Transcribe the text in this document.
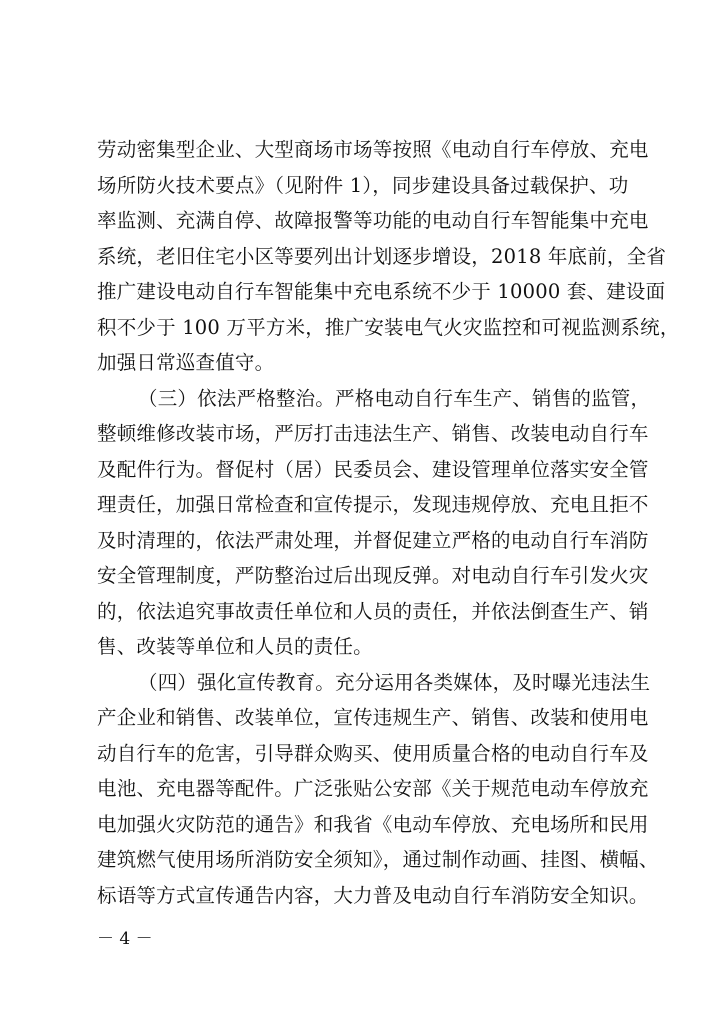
劳动密集型企业、大型商场市场等按照《电动自行车停放、充电
场所防火技术要点》（见附件 1），同步建设具备过载保护、功
率监测、充满自停、故障报警等功能的电动自行车智能集中充电
系统，老旧住宅小区等要列出计划逐步增设，2018 年底前，全省
推广建设电动自行车智能集中充电系统不少于 10000 套、建设面
积不少于 100 万平方米，推广安装电气火灾监控和可视监测系统，
加强日常巡查值守。
（三）依法严格整治。严格电动自行车生产、销售的监管，
整顿维修改装市场，严厉打击违法生产、销售、改装电动自行车
及配件行为。督促村（居）民委员会、建设管理单位落实安全管
理责任，加强日常检查和宣传提示，发现违规停放、充电且拒不
及时清理的，依法严肃处理，并督促建立严格的电动自行车消防
安全管理制度，严防整治过后出现反弹。对电动自行车引发火灾
的，依法追究事故责任单位和人员的责任，并依法倒查生产、销
售、改装等单位和人员的责任。
（四）强化宣传教育。充分运用各类媒体，及时曝光违法生
产企业和销售、改装单位，宣传违规生产、销售、改装和使用电
动自行车的危害，引导群众购买、使用质量合格的电动自行车及
电池、充电器等配件。广泛张贴公安部《关于规范电动车停放充
电加强火灾防范的通告》和我省《电动车停放、充电场所和民用
建筑燃气使用场所消防安全须知》，通过制作动画、挂图、横幅、
标语等方式宣传通告内容，大力普及电动自行车消防安全知识。
－ 4 －
